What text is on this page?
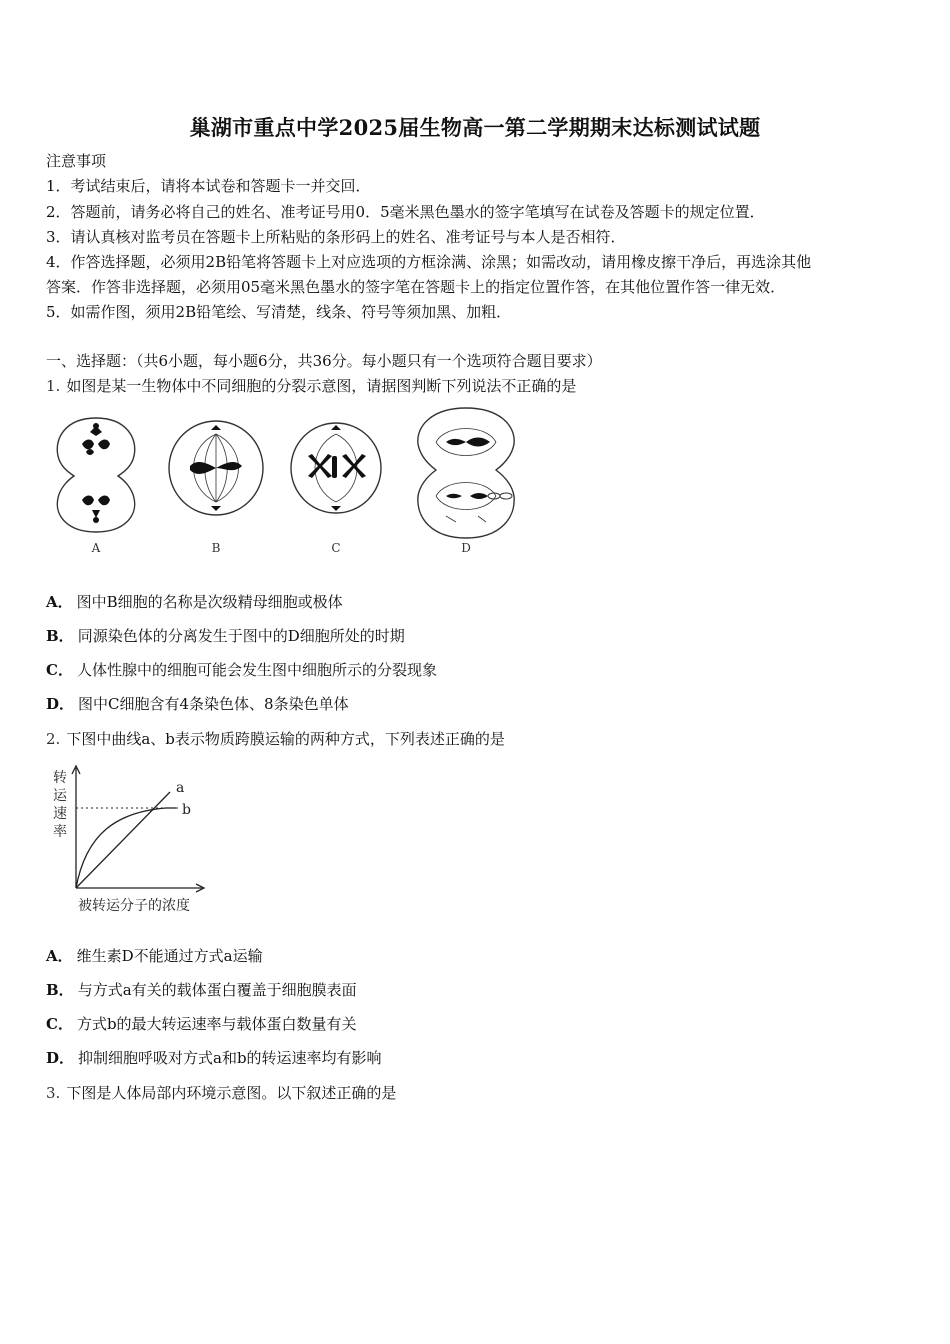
巢湖市重点中学2025届生物高一第二学期期末达标测试试题
注意事项
1．考试结束后，请将本试卷和答题卡一并交回．
2．答题前，请务必将自己的姓名、准考证号用0．5毫米黑色墨水的签字笔填写在试卷及答题卡的规定位置．
3．请认真核对监考员在答题卡上所粘贴的条形码上的姓名、准考证号与本人是否相符．
4．作答选择题，必须用2B铅笔将答题卡上对应选项的方框涂满、涂黑；如需改动，请用橡皮擦干净后，再选涂其他
答案．作答非选择题，必须用05毫米黑色墨水的签字笔在答题卡上的指定位置作答，在其他位置作答一律无效．
5．如需作图，须用2B铅笔绘、写清楚，线条、符号等须加黑、加粗．
一、选择题：（共6小题，每小题6分，共36分。每小题只有一个选项符合题目要求）
1. 如图是某一生物体中不同细胞的分裂示意图，请据图判断下列说法不正确的是
A	B	C	D
A． 图中B细胞的名称是次级精母细胞或极体
B． 同源染色体的分离发生于图中的D细胞所处的时期
C． 人体性腺中的细胞可能会发生图中细胞所示的分裂现象
D． 图中C细胞含有4条染色体、8条染色单体
2. 下图中曲线a、b表示物质跨膜运输的两种方式，下列表述正确的是
转
运
速
率
a
b
被转运分子的浓度
A． 维生素D不能通过方式a运输
B． 与方式a有关的载体蛋白覆盖于细胞膜表面
C． 方式b的最大转运速率与载体蛋白数量有关
D． 抑制细胞呼吸对方式a和b的转运速率均有影响
3. 下图是人体局部内环境示意图。以下叙述正确的是
